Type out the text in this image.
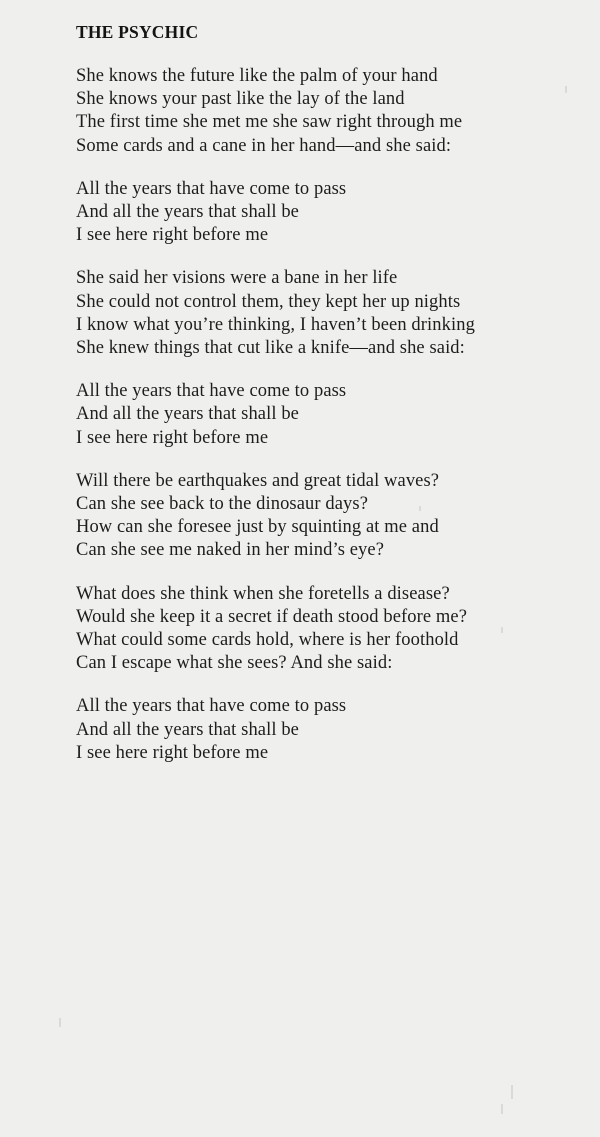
THE PSYCHIC
She knows the future like the palm of your hand
She knows your past like the lay of the land
The first time she met me she saw right through me
Some cards and a cane in her hand—and she said:
All the years that have come to pass
And all the years that shall be
I see here right before me
She said her visions were a bane in her life
She could not control them, they kept her up nights
I know what you’re thinking, I haven’t been drinking
She knew things that cut like a knife—and she said:
All the years that have come to pass
And all the years that shall be
I see here right before me
Will there be earthquakes and great tidal waves?
Can she see back to the dinosaur days?
How can she foresee just by squinting at me and
Can she see me naked in her mind’s eye?
What does she think when she foretells a disease?
Would she keep it a secret if death stood before me?
What could some cards hold, where is her foothold
Can I escape what she sees? And she said:
All the years that have come to pass
And all the years that shall be
I see here right before me
